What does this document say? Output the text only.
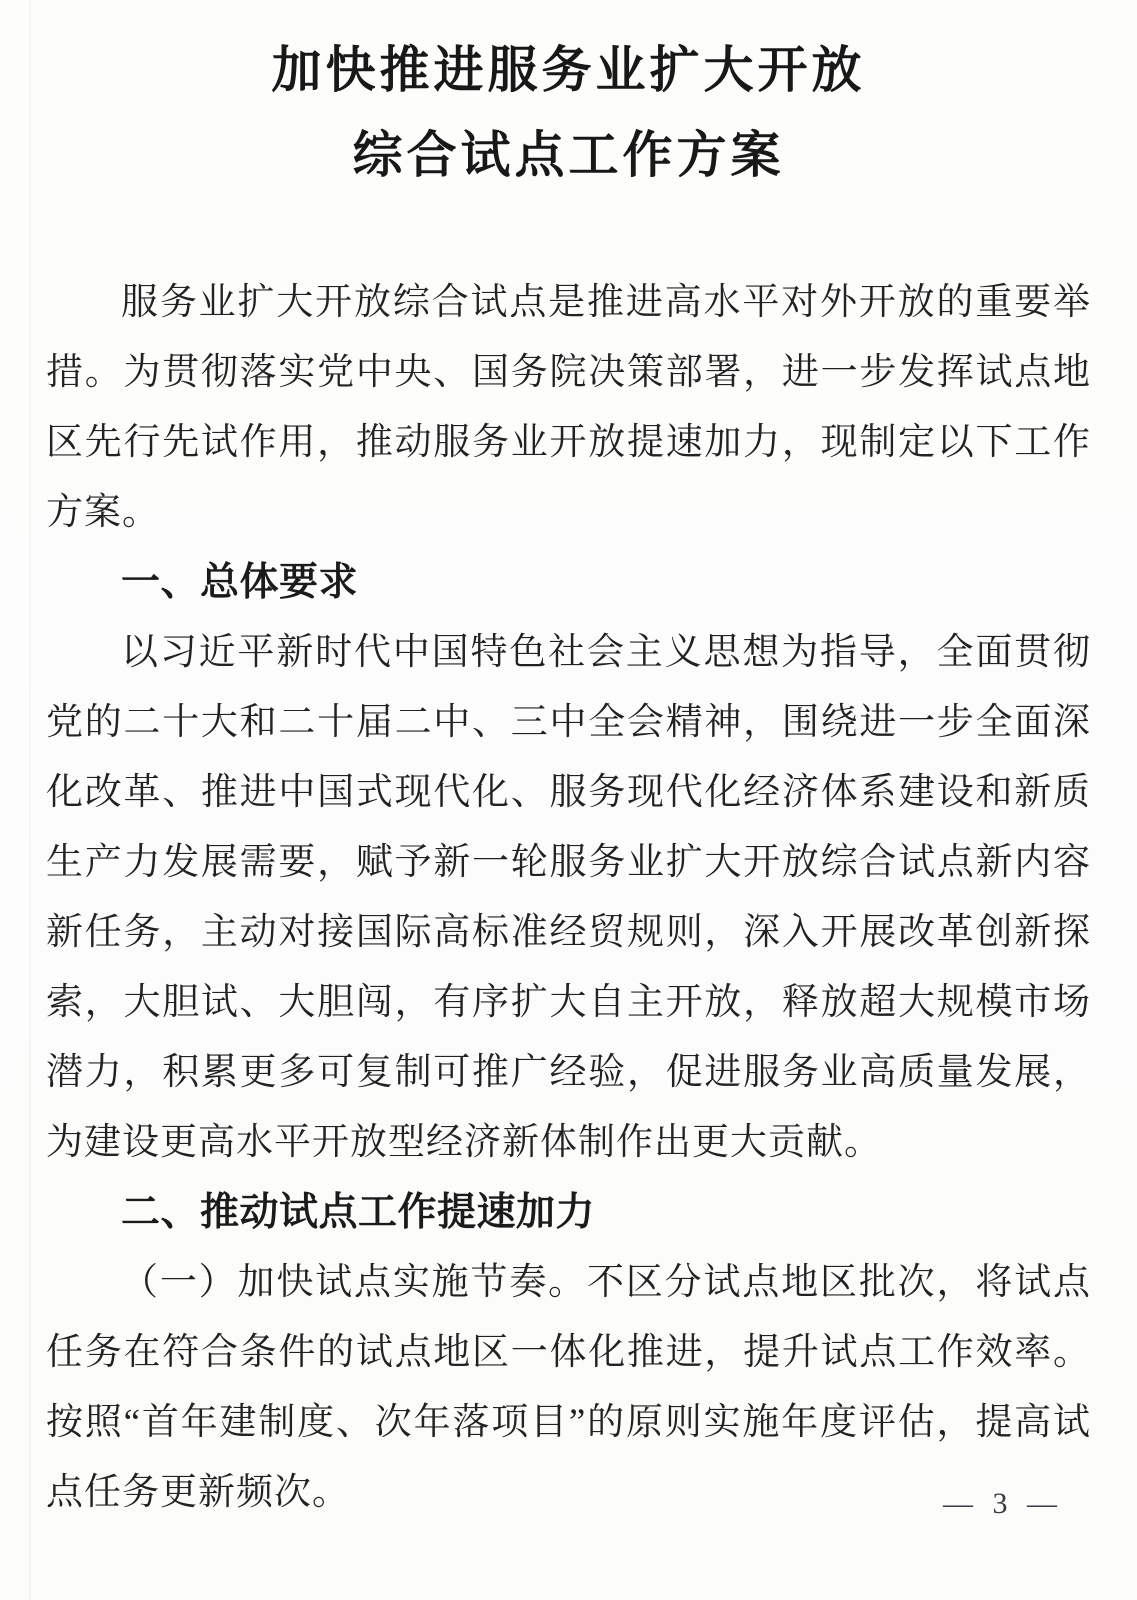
加快推进服务业扩大开放
综合试点工作方案

服务业扩大开放综合试点是推进高水平对外开放的重要举措。为贯彻落实党中央、国务院决策部署，进一步发挥试点地区先行先试作用，推动服务业开放提速加力，现制定以下工作方案。

一、总体要求

以习近平新时代中国特色社会主义思想为指导，全面贯彻党的二十大和二十届二中、三中全会精神，围绕进一步全面深化改革、推进中国式现代化、服务现代化经济体系建设和新质生产力发展需要，赋予新一轮服务业扩大开放综合试点新内容新任务，主动对接国际高标准经贸规则，深入开展改革创新探索，大胆试、大胆闯，有序扩大自主开放，释放超大规模市场潜力，积累更多可复制可推广经验，促进服务业高质量发展，为建设更高水平开放型经济新体制作出更大贡献。

二、推动试点工作提速加力

（一）加快试点实施节奏。不区分试点地区批次，将试点任务在符合条件的试点地区一体化推进，提升试点工作效率。按照“首年建制度、次年落项目”的原则实施年度评估，提高试点任务更新频次。	— 3 —
